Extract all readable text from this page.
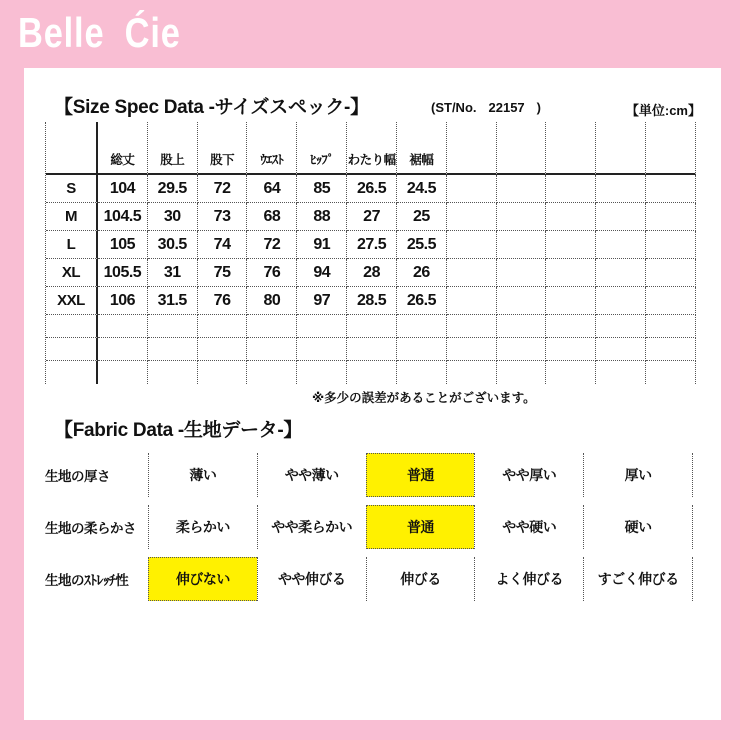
Belle Ćie
【Size Spec Data -サイズスペック-】	(ST/No. 22157 )	【単位:cm】
総丈	股上	股下	ｳｴｽﾄ	ﾋｯﾌﾟ	わたり幅	裾幅
S	104	29.5	72	64	85	26.5	24.5
M	104.5	30	73	68	88	27	25
L	105	30.5	74	72	91	27.5	25.5
XL	105.5	31	75	76	94	28	26
XXL	106	31.5	76	80	97	28.5	26.5
※多少の誤差があることがございます。
【Fabric Data -生地データ-】
生地の厚さ	薄い	やや薄い	普通	やや厚い	厚い
生地の柔らかさ	柔らかい	やや柔らかい	普通	やや硬い	硬い
生地のｽﾄﾚｯﾁ性	伸びない	やや伸びる	伸びる	よく伸びる	すごく伸びる
